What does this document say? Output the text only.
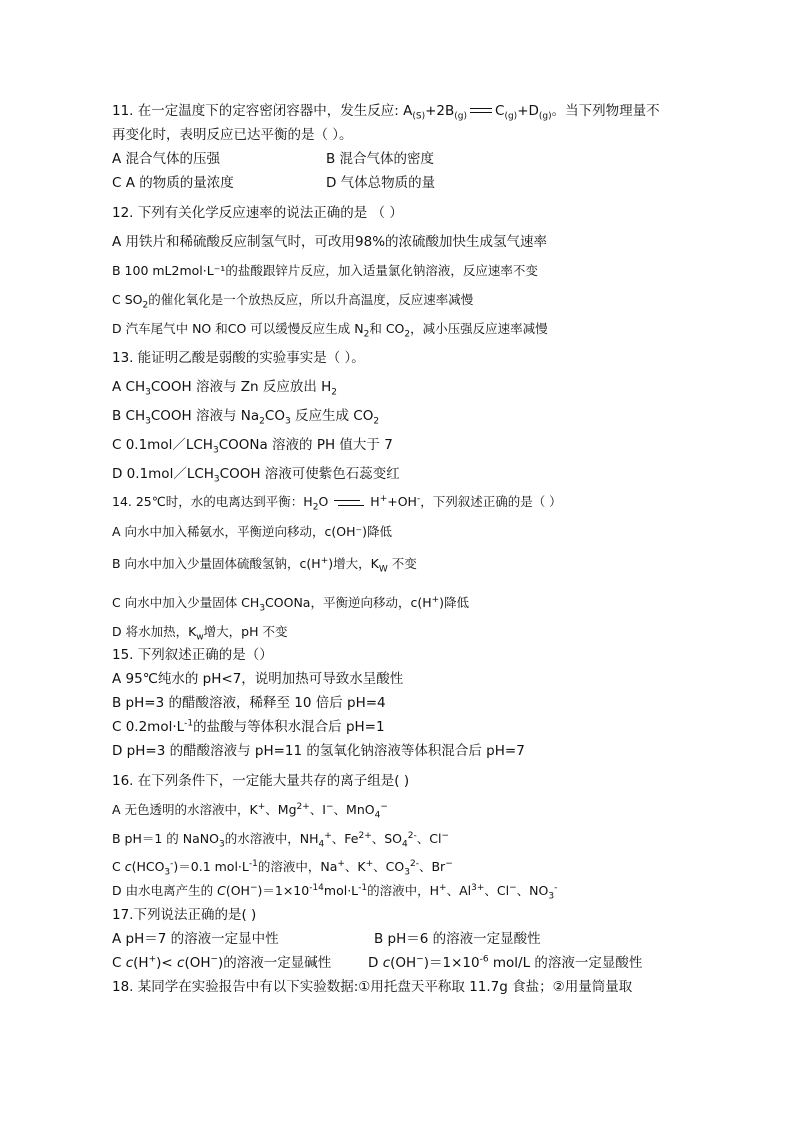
11. 在一定温度下的定容密闭容器中，发生反应: $A_{(S)}+2B_{(g)}$ $C_{(g)}+D_{(g)}$。当下列物理量不
再变化时，表明反应已达平衡的是（ ）。
A 混合气体的压强	B 混合气体的密度
C A 的物质的量浓度	D 气体总物质的量
12. 下列有关化学反应速率的说法正确的是 （ ）
A 用铁片和稀硫酸反应制氢气时，可改用98%的浓硫酸加快生成氢气速率
B 100 mL2mol·L⁻¹的盐酸跟锌片反应，加入适量氯化钠溶液，反应速率不变
C $SO_2$的催化氧化是一个放热反应，所以升高温度，反应速率减慢
D 汽车尾气中 NO 和CO 可以缓慢反应生成 $N_2$和 $CO_2$，减小压强反应速率减慢
13. 能证明乙酸是弱酸的实验事实是（ ）。
A $CH_3COOH$ 溶液与 Zn 反应放出 $H_2$
B $CH_3COOH$ 溶液与 $Na_2CO_3$ 反应生成 $CO_2$
C $0.1mol/LCH_3COONa$ 溶液的 PH 值大于 7
D $0.1mol/LCH_3COOH$ 溶液可使紫色石蕊变红
14. 25℃时，水的电离达到平衡：$H_2O$	H++OH-，下列叙述正确的是（ ）
A 向水中加入稀氨水，平衡逆向移动，c(OH⁻)降低
B 向水中加入少量固体硫酸氢钠，c(H+)增大，$K_W$ 不变
C 向水中加入少量固体 $CH_3COONa$，平衡逆向移动，c(H+)降低
D 将水加热，$K_w$增大，pH 不变
15. 下列叙述正确的是（）
A 95℃纯水的 pH<7，说明加热可导致水呈酸性
B pH=3 的醋酸溶液，稀释至 10 倍后 pH=4
C $0.2mol\cdot L^{-1}$的盐酸与等体积水混合后 pH=1
D pH=3 的醋酸溶液与 pH=11 的氢氧化钠溶液等体积混合后 pH=7
16. 在下列条件下，一定能大量共存的离子组是( )
A 无色透明的水溶液中，K+、$Mg^{2+}$、I−、MnO$_4$−
B pH＝1 的 NaNO$_3$的水溶液中，$NH_4^+$、$Fe^{2+}$、$SO_4^{2-}$、Cl−
C $c(HCO_3^-)=0.1$ $mol\cdot L^{-1}$的溶液中，Na+、K+、$CO_3^{2-}$、Br−
D 由水电离产生的 $C(OH^-)=1\times 10^{-14}mol\cdot L^{-1}$的溶液中，H+、$Al^{3+}$、Cl−、$NO_3^-$
17.下列说法正确的是( )
A pH＝7 的溶液一定显中性	B pH＝6 的溶液一定显酸性
C c(H+)< c(OH−)的溶液一定显碱性	D $c(OH^-)=1\times 10^{-6}$ mol/L 的溶液一定显酸性
18. 某同学在实验报告中有以下实验数据:①用托盘天平称取 11.7g 食盐；②用量筒量取
